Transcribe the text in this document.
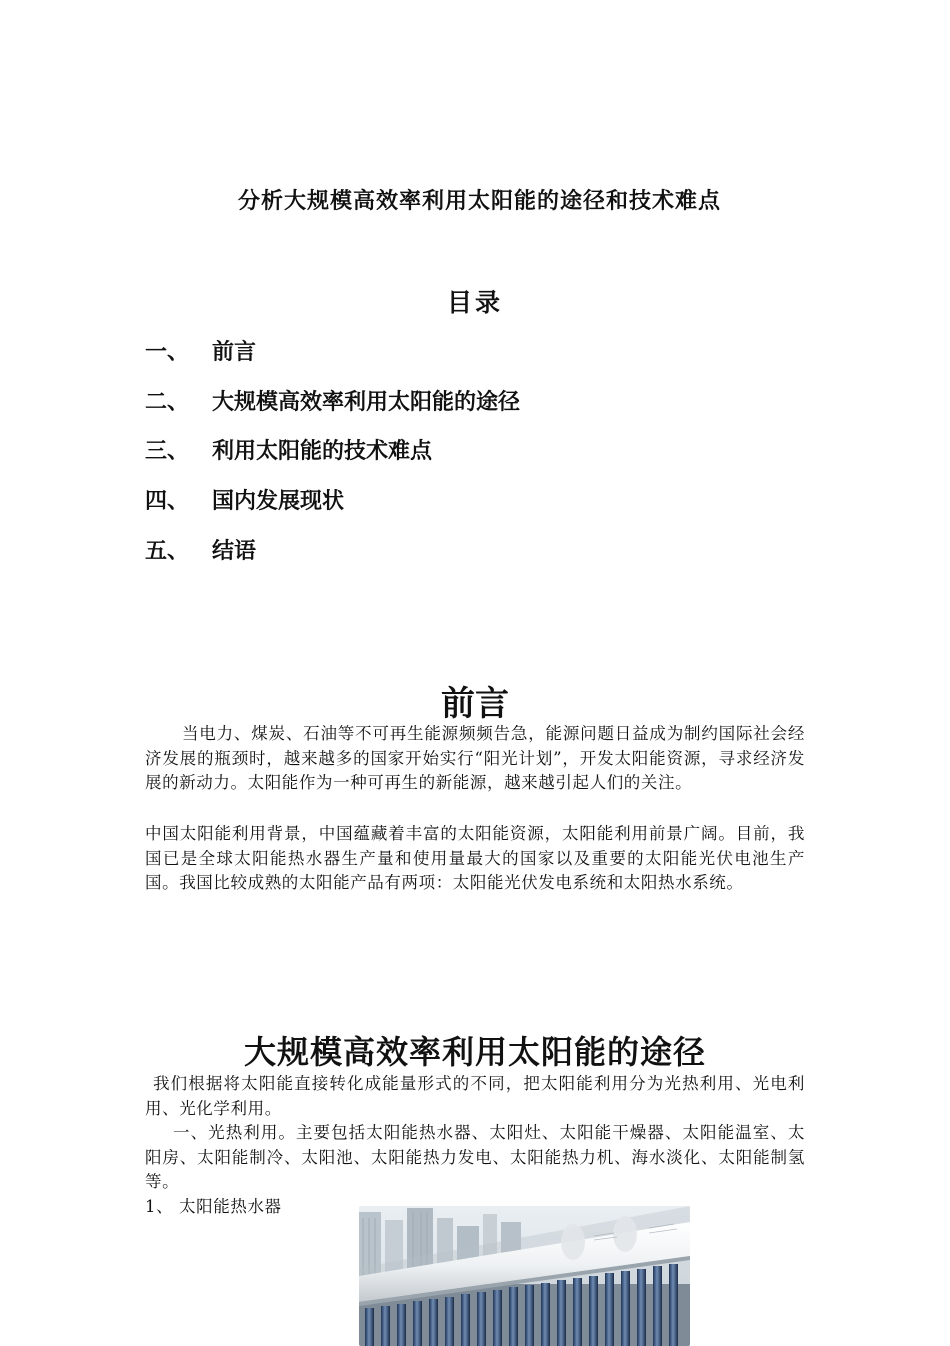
分析大规模高效率利用太阳能的途径和技术难点
目录
一、 前言
二、 大规模高效率利用太阳能的途径
三、 利用太阳能的技术难点
四、 国内发展现状
五、 结语
前言

当电力、煤炭、石油等不可再生能源频频告急，能源问题日益成为制约国际社会经济发展的瓶颈时，越来越多的国家开始实行“阳光计划”，开发太阳能资源，寻求经济发展的新动力。太阳能作为一种可再生的新能源，越来越引起人们的关注。

中国太阳能利用背景，中国蕴藏着丰富的太阳能资源，太阳能利用前景广阔。目前，我国已是全球太阳能热水器生产量和使用量最大的国家以及重要的太阳能光伏电池生产国。我国比较成熟的太阳能产品有两项：太阳能光伏发电系统和太阳热水系统。

大规模高效率利用太阳能的途径

我们根据将太阳能直接转化成能量形式的不同，把太阳能利用分为光热利用、光电利用、光化学利用。

一、光热利用。主要包括太阳能热水器、太阳灶、太阳能干燥器、太阳能温室、太阳房、太阳能制冷、太阳池、太阳能热力发电、太阳能热力机、海水淡化、太阳能制氢等。

1、 太阳能热水器
